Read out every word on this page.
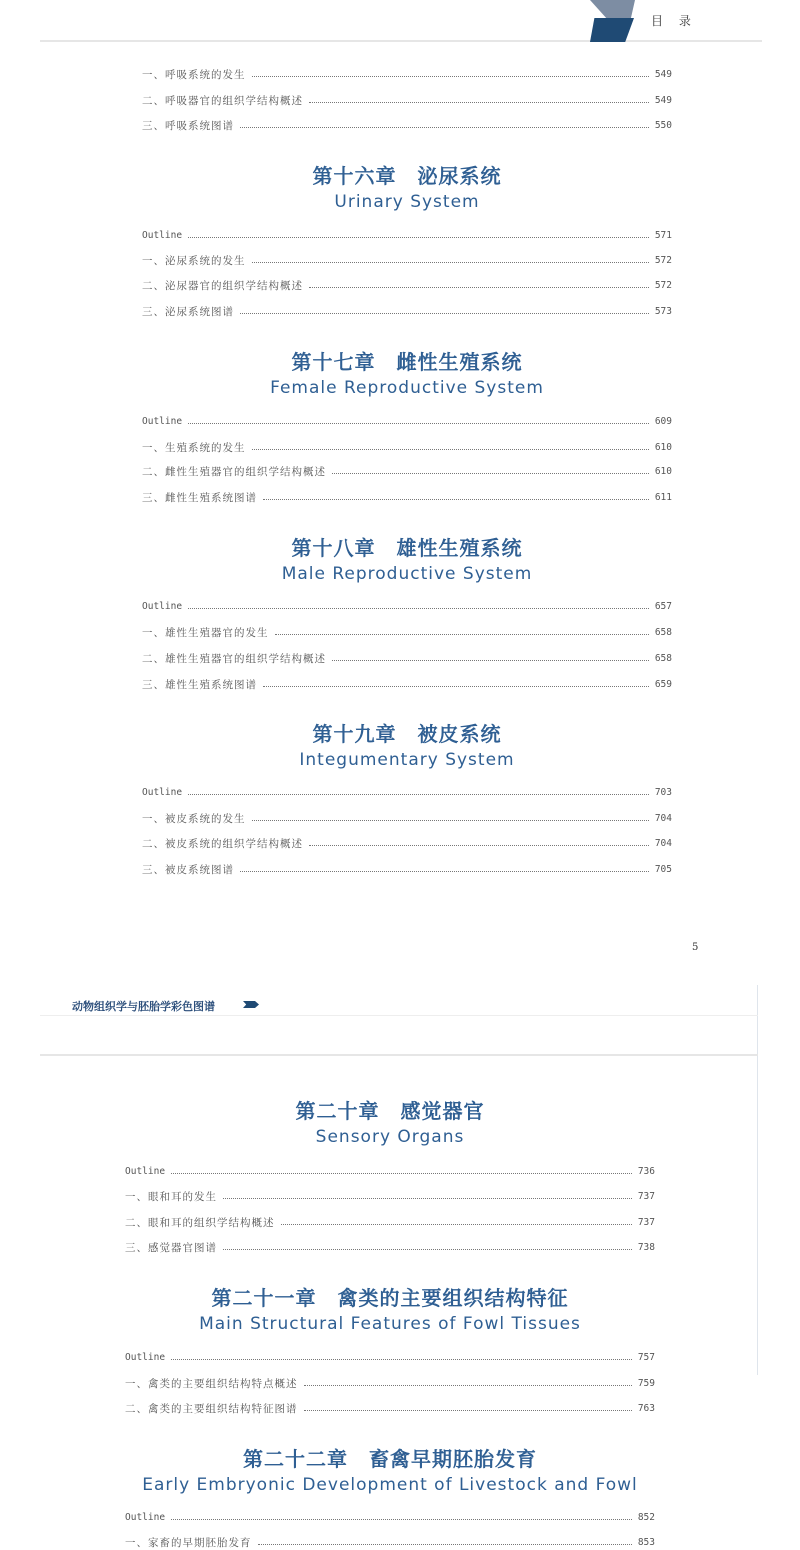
目 录
一、呼吸系统的发生	549
二、呼吸器官的组织学结构概述	549
三、呼吸系统图谱	550
第十六章　泌尿系统
Urinary System
Outline	571
一、泌尿系统的发生	572
二、泌尿器官的组织学结构概述	572
三、泌尿系统图谱	573
第十七章　雌性生殖系统
Female Reproductive System
Outline	609
一、生殖系统的发生	610
二、雌性生殖器官的组织学结构概述	610
三、雌性生殖系统图谱	611
第十八章　雄性生殖系统
Male Reproductive System
Outline	657
一、雄性生殖器官的发生	658
二、雄性生殖器官的组织学结构概述	658
三、雄性生殖系统图谱	659
第十九章　被皮系统
Integumentary System
Outline	703
一、被皮系统的发生	704
二、被皮系统的组织学结构概述	704
三、被皮系统图谱	705
5
动物组织学与胚胎学彩色图谱
第二十章　感觉器官
Sensory Organs
Outline	736
一、眼和耳的发生	737
二、眼和耳的组织学结构概述	737
三、感觉器官图谱	738
第二十一章　禽类的主要组织结构特征
Main Structural Features of Fowl Tissues
Outline	757
一、禽类的主要组织结构特点概述	759
二、禽类的主要组织结构特征图谱	763
第二十二章　畜禽早期胚胎发育
Early Embryonic Development of Livestock and Fowl
Outline	852
一、家畜的早期胚胎发育	853
